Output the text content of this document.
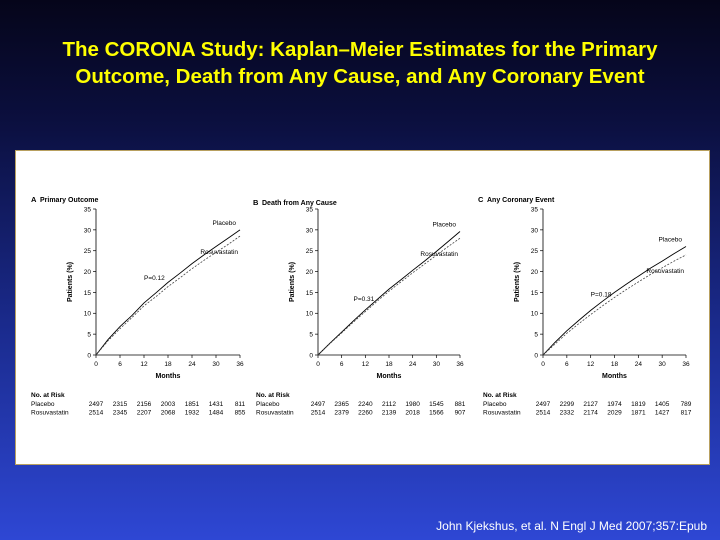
The CORONA Study: Kaplan–Meier Estimates for the Primary
Outcome, Death from Any Cause, and Any Coronary Event
A Primary Outcome
0
5
10
15
20
25
30
35
0	6	12	18	24	30	36
Months
Patients (%)
Placebo
Rosuvastatin
P=0.12
No. at Risk
Placebo	2497 2315 2156 2003 1851 1431 811
Rosuvastatin	2514 2345 2207 2068 1932 1484 855
B Death from Any Cause
0
5
10
15
20
25
30
35
0	6	12	18	24	30	36
Months
Patients (%)
Placebo
Rosuvastatin
P=0.31
No. at Risk
Placebo	2497 2365 2240 2112 1980 1545 881
Rosuvastatin	2514 2379 2260 2139 2018 1566 907
C Any Coronary Event
0
5
10
15
20
25
30
35
0	6	12	18	24	30	36
Months
Patients (%)
Placebo
Rosuvastatin
P=0.18
No. at Risk
Placebo	2497 2299 2127 1974 1819 1405 789
Rosuvastatin 2514 2332 2174 2029 1871 1427 817
John Kjekshus, et al. N Engl J Med 2007;357:Epub
